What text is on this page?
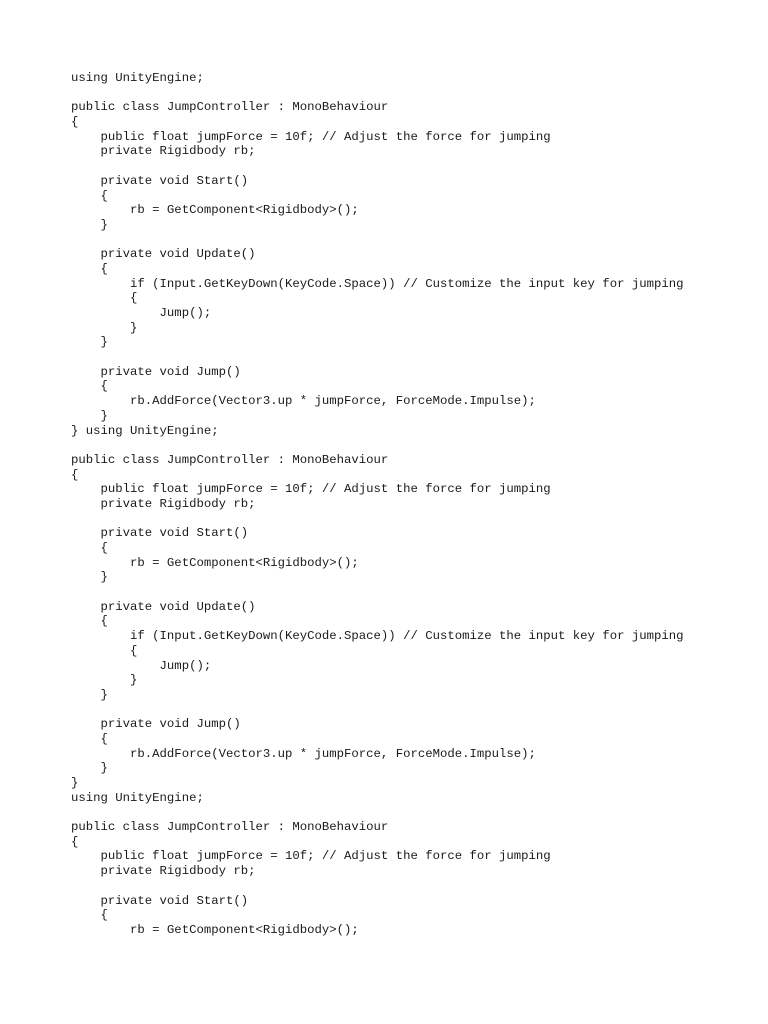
using UnityEngine;
public class JumpController : MonoBehaviour
{
public float jumpForce = 10f; // Adjust the force for jumping
private Rigidbody rb;
private void Start()
{
rb = GetComponent<Rigidbody>();
}
private void Update()
{
if (Input.GetKeyDown(KeyCode.Space)) // Customize the input key for jumping
{
Jump();
}
}
private void Jump()
{
rb.AddForce(Vector3.up * jumpForce, ForceMode.Impulse);
}
} using UnityEngine;
public class JumpController : MonoBehaviour
{
public float jumpForce = 10f; // Adjust the force for jumping
private Rigidbody rb;
private void Start()
{
rb = GetComponent<Rigidbody>();
}
private void Update()
{
if (Input.GetKeyDown(KeyCode.Space)) // Customize the input key for jumping
{
Jump();
}
}
private void Jump()
{
rb.AddForce(Vector3.up * jumpForce, ForceMode.Impulse);
}
}
using UnityEngine;
public class JumpController : MonoBehaviour
{
public float jumpForce = 10f; // Adjust the force for jumping
private Rigidbody rb;
private void Start()
{
rb = GetComponent<Rigidbody>();
